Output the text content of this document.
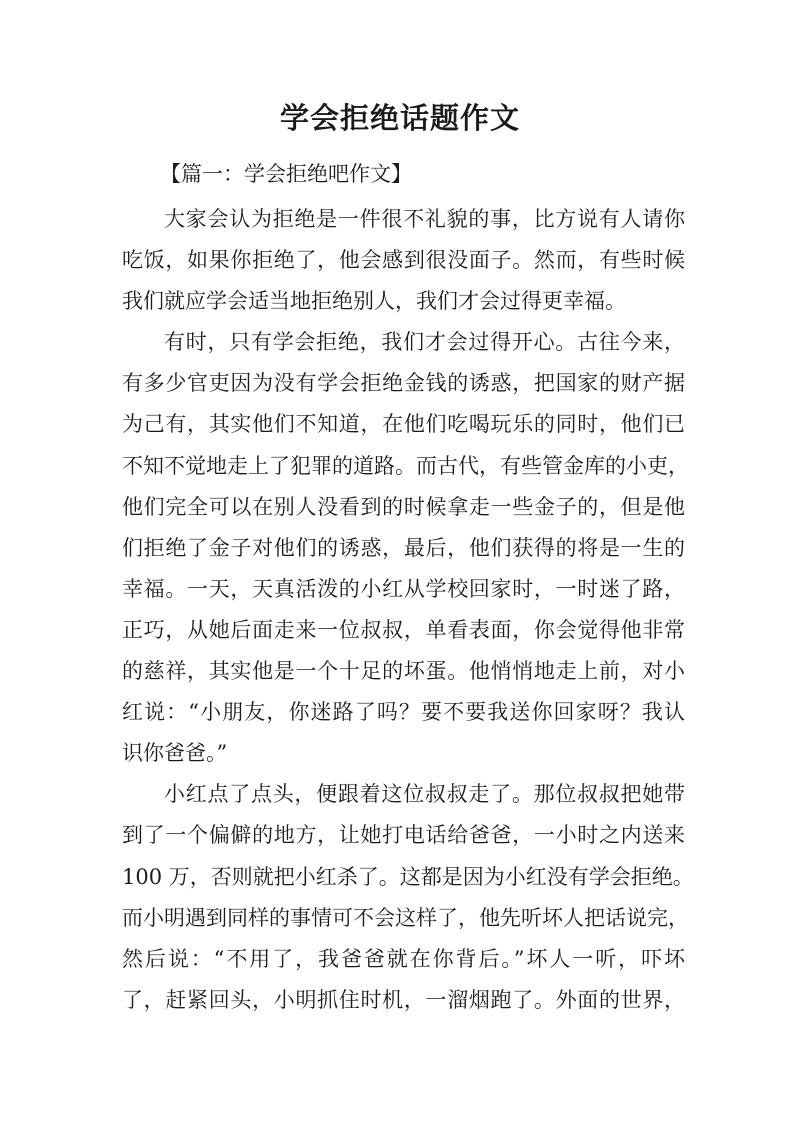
学会拒绝话题作文
【篇一：学会拒绝吧作文】
大家会认为拒绝是一件很不礼貌的事，比方说有人请你
吃饭，如果你拒绝了，他会感到很没面子。然而，有些时候
我们就应学会适当地拒绝别人，我们才会过得更幸福。
有时，只有学会拒绝，我们才会过得开心。古往今来，
有多少官吏因为没有学会拒绝金钱的诱惑，把国家的财产据
为己有，其实他们不知道，在他们吃喝玩乐的同时，他们已
不知不觉地走上了犯罪的道路。而古代，有些管金库的小吏，
他们完全可以在别人没看到的时候拿走一些金子的，但是他
们拒绝了金子对他们的诱惑，最后，他们获得的将是一生的
幸福。一天，天真活泼的小红从学校回家时，一时迷了路，
正巧，从她后面走来一位叔叔，单看表面，你会觉得他非常
的慈祥，其实他是一个十足的坏蛋。他悄悄地走上前，对小
红说：“小朋友，你迷路了吗？要不要我送你回家呀？我认
识你爸爸。”
小红点了点头，便跟着这位叔叔走了。那位叔叔把她带
到了一个偏僻的地方，让她打电话给爸爸，一小时之内送来
100 万，否则就把小红杀了。这都是因为小红没有学会拒绝。
而小明遇到同样的事情可不会这样了，他先听坏人把话说完，
然后说：“不用了，我爸爸就在你背后。”坏人一听，吓坏
了，赶紧回头，小明抓住时机，一溜烟跑了。外面的世界，
